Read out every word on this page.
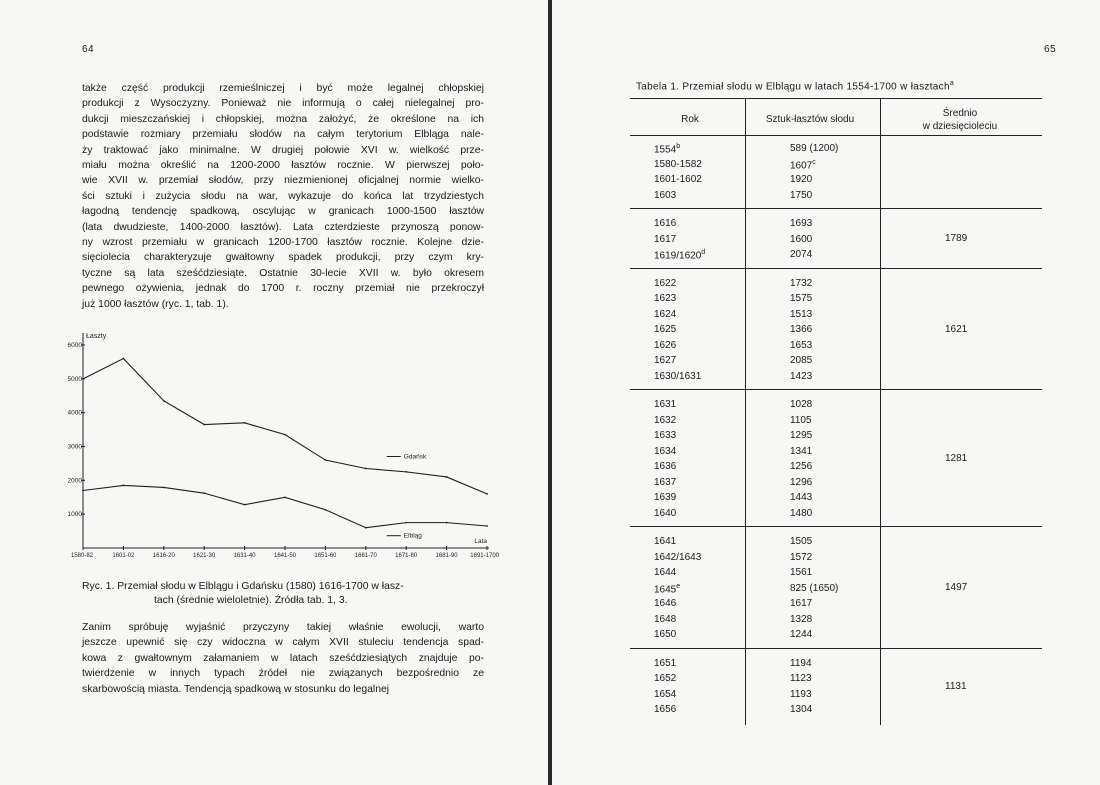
64	65
także część produkcji rzemieślniczej i być może legalnej chłopskiej
produkcji z Wysoczyzny. Ponieważ nie informują o całej nielegalnej pro-
dukcji mieszczańskiej i chłopskiej, można założyć, że określone na ich
podstawie rozmiary przemiału słodów na całym terytorium Elbląga nale-
ży traktować jako minimalne. W drugiej połowie XVI w. wielkość prze-
miału można określić na 1200-2000 łasztów rocznie. W pierwszej poło-
wie XVII w. przemiał słodów, przy niezmienionej oficjalnej normie wielko-
ści sztuki i zużycia słodu na war, wykazuje do końca lat trzydziestych
łagodną tendencję spadkową, oscylując w granicach 1000-1500 łasztów
(lata dwudzieste, 1400-2000 łasztów). Lata czterdzieste przynoszą ponow-
ny wzrost przemiału w granicach 1200-1700 łasztów rocznie. Kolejne dzie-
sięciolecia charakteryzuje gwałtowny spadek produkcji, przy czym kry-
tyczne są lata sześćdziesiąte. Ostatnie 30-lecie XVII w. było okresem
pewnego ożywienia, jednak do 1700 r. roczny przemiał nie przekroczył
już 1000 łasztów (ryc. 1, tab. 1).
Łaszty
1000
2000
3000
4000
5000
6000
1580-82	1601-02	1616-20	1621-30	1631-40	1641-50	1651-60	1661-70	1671-80	1681-90 1691-1700
Lata
Gdańsk
Elbląg
Ryc. 1. Przemiał słodu w Elblągu i Gdańsku (1580) 1616-1700 w łasz-
tach (średnie wieloletnie). Źródła tab. 1, 3.
Zanim spróbuję wyjaśnić przyczyny takiej właśnie ewolucji, warto
jeszcze upewnić się czy widoczna w całym XVII stuleciu tendencja spad-
kowa z gwałtownym załamaniem w latach sześćdziesiątych znajduje po-
twierdzenie w innych typach źródeł nie związanych bezpośrednio ze
skarbowością miasta. Tendencją spadkową w stosunku do legalnej
Tabela 1. Przemiał słodu w Elblągu w latach 1554-1700 w łasztach$^a$
Rok	Sztuk-łasztów słodu
Średnio
w dziesięcioleciu
1554$^b$	589 (1200)
1580-1582	1607$^c$
1601-1602	1920
1603	1750
1616	1693
1617	1600
1619/1620$^d$	2074
1789
1622	1732
1623	1575
1624	1513
1625	1366
1626	1653
1627	2085
1630/1631	1423
1621
1631	1028
1632	1105
1633	1295
1634	1341
1636	1256
1637	1296
1639	1443
1640	1480
1281
1641	1505
1642/1643	1572
1644	1561
1645e	825 (1650)
1646	1617
1648	1328
1650	1244
1497
1651	1194
1652	1123
1654	1193
1656	1304
1131
